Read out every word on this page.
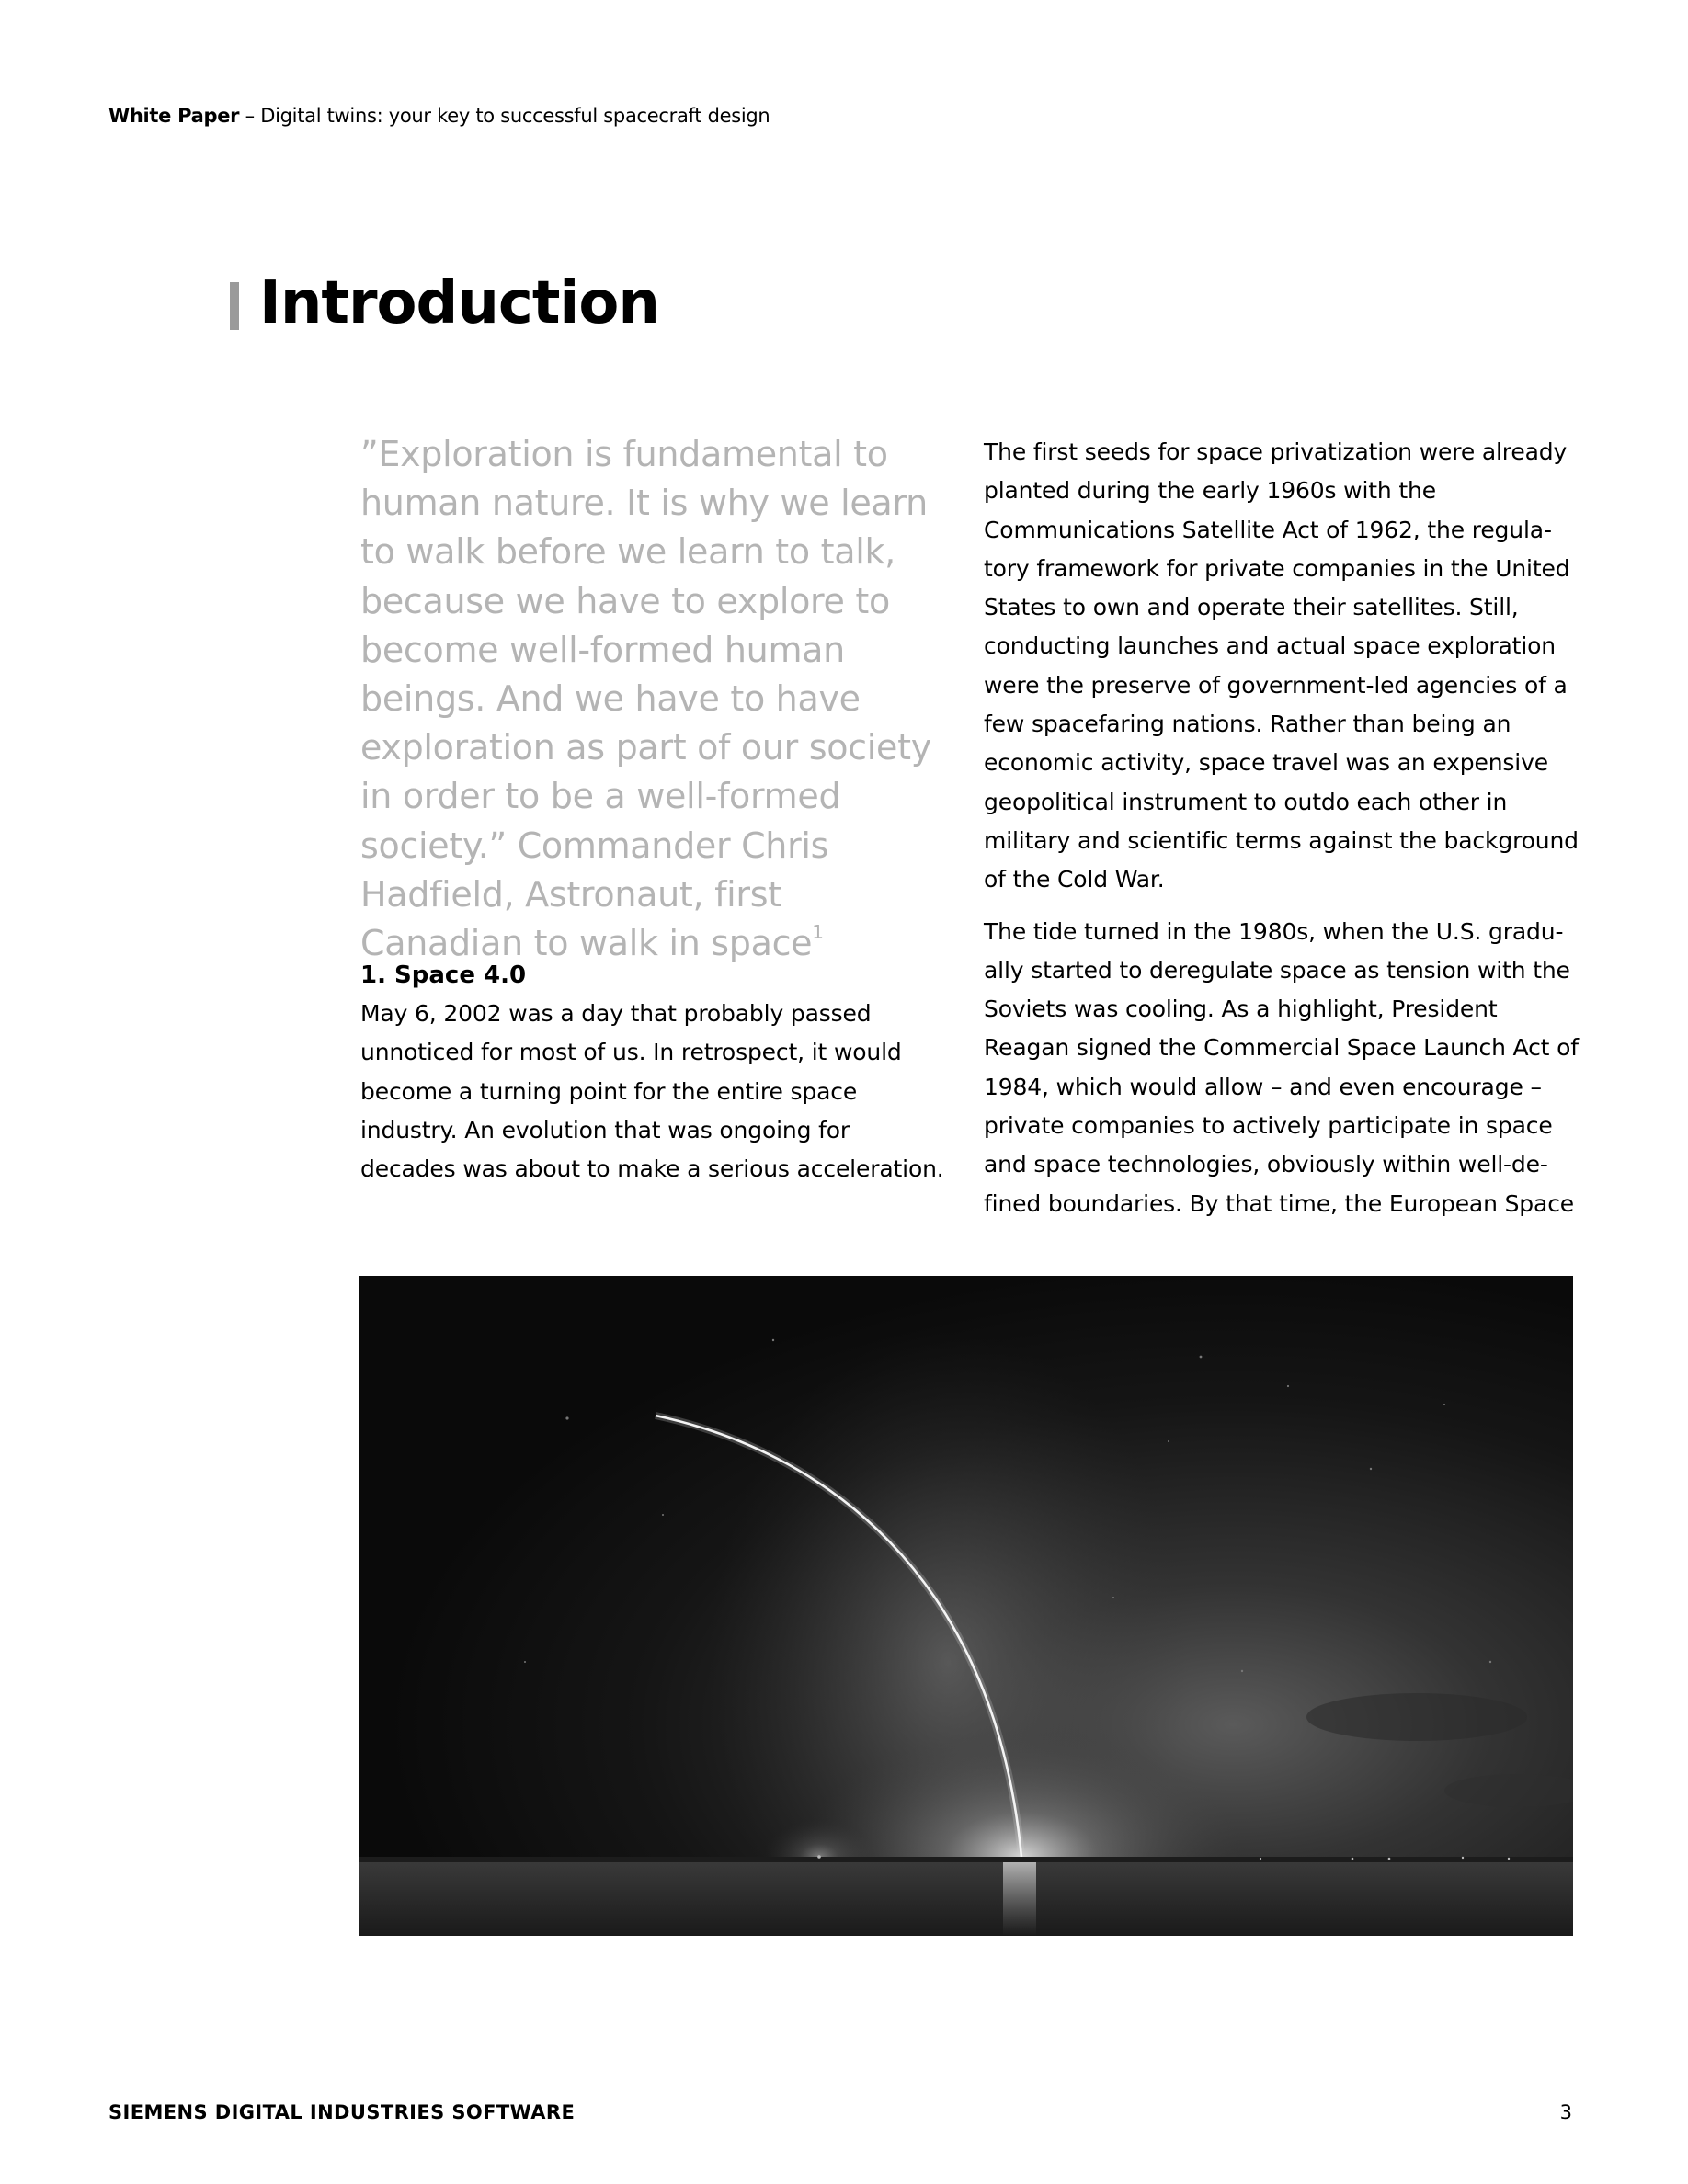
White Paper – Digital twins: your key to successful spacecraft design
Introduction
”Exploration is fundamental to human nature. It is why we learn to walk before we learn to talk, because we have to explore to become well-formed human beings. And we have to have exploration as part of our society in order to be a well-formed society.” Commander Chris Hadfield, Astronaut, first Canadian to walk in space$^1$
1. Space 4.0

May 6, 2002 was a day that probably passed unnoticed for most of us. In retrospect, it would become a turning point for the entire space industry. An evolution that was ongoing for decades was about to make a serious acceleration.

The first seeds for space privatization were already planted during the early 1960s with the Communications Satellite Act of 1962, the regula-tory framework for private companies in the United States to own and operate their satellites. Still, conducting launches and actual space exploration were the preserve of government-led agencies of a few spacefaring nations. Rather than being an economic activity, space travel was an expensive geopolitical instrument to outdo each other in military and scientific terms against the background of the Cold War.

The tide turned in the 1980s, when the U.S. gradu-ally started to deregulate space as tension with the Soviets was cooling. As a highlight, President Reagan signed the Commercial Space Launch Act of 1984, which would allow – and even encourage – private companies to actively participate in space and space technologies, obviously within well-de-fined boundaries. By that time, the European Space

SIEMENS DIGITAL INDUSTRIES SOFTWARE	3
